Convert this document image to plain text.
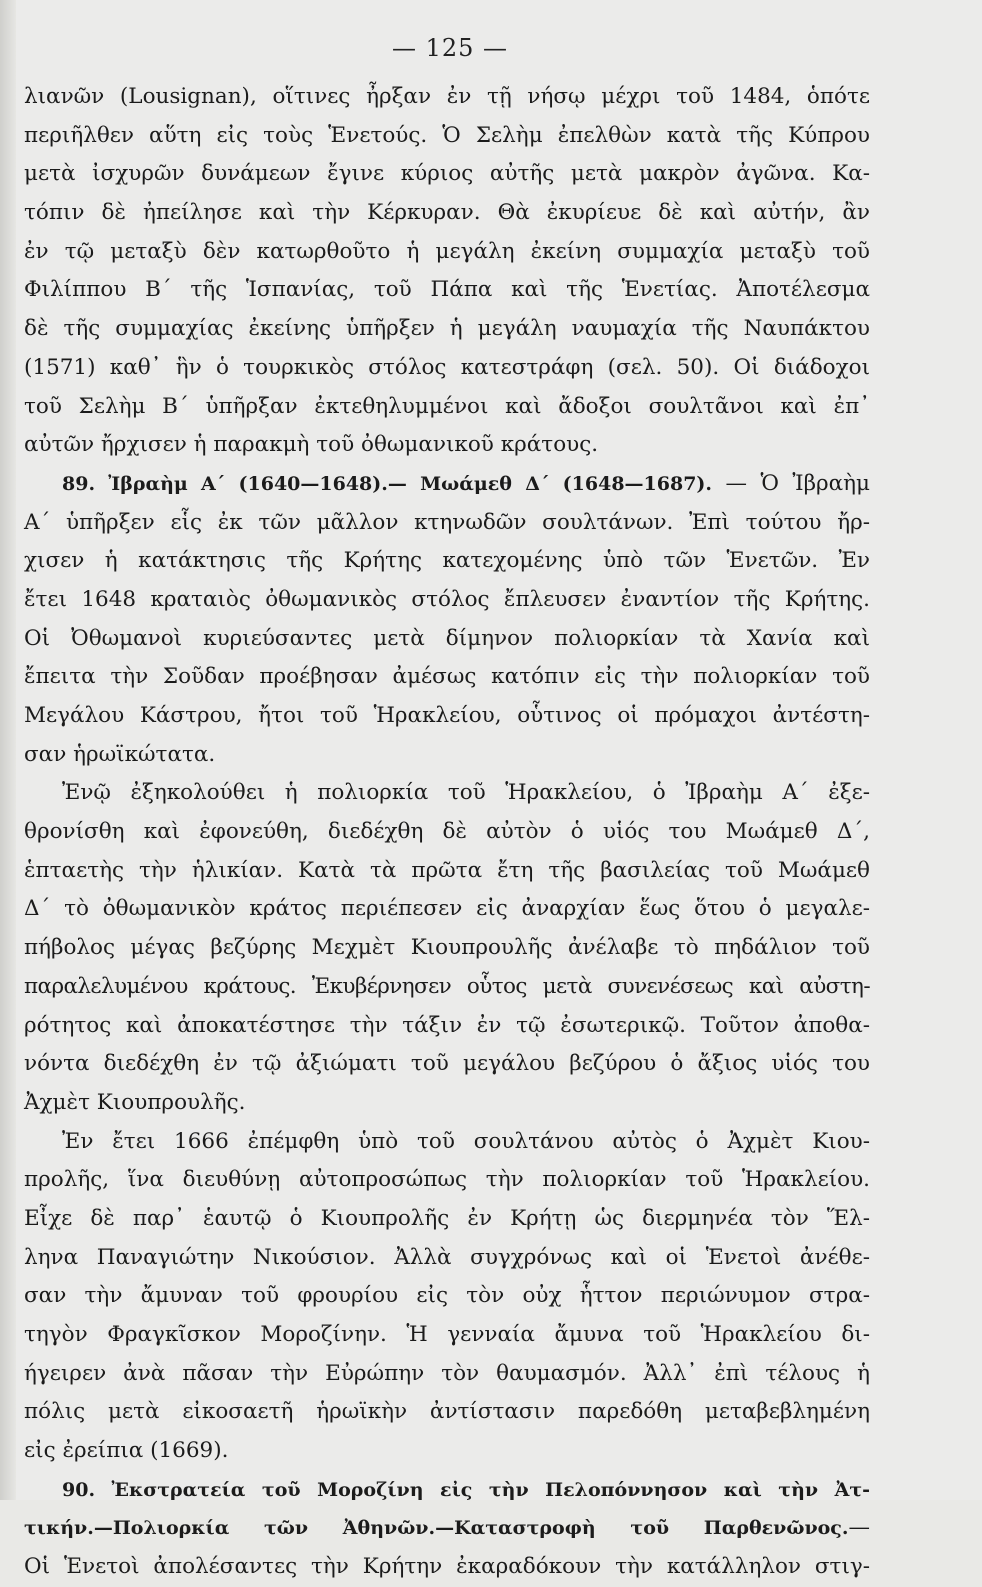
— 125 —
λιανῶν (Lousignan), οἵτινες ἦρξαν ἐν τῇ νήσῳ μέχρι τοῦ 1484, ὁπότε
περιῆλθεν αὕτη εἰς τοὺς Ἑνετούς. Ὁ Σελὴμ ἐπελθὼν κατὰ τῆς Κύπρου
μετὰ ἰσχυρῶν δυνάμεων ἔγινε κύριος αὐτῆς μετὰ μακρὸν ἀγῶνα. Κα-
τόπιν δὲ ἠπείλησε καὶ τὴν Κέρκυραν. Θὰ ἐκυρίευε δὲ καὶ αὐτήν, ἂν
ἐν τῷ μεταξὺ δὲν κατωρθοῦτο ἡ μεγάλη ἐκείνη συμμαχία μεταξὺ τοῦ
Φιλίππου Β΄ τῆς Ἱσπανίας, τοῦ Πάπα καὶ τῆς Ἑνετίας. Ἀποτέλεσμα
δὲ τῆς συμμαχίας ἐκείνης ὑπῆρξεν ἡ μεγάλη ναυμαχία τῆς Ναυπάκτου
(1571) καθ᾽ ἣν ὁ τουρκικὸς στόλος κατεστράφη (σελ. 50). Οἱ διάδοχοι
τοῦ Σελὴμ Β΄ ὑπῆρξαν ἐκτεθηλυμμένοι καὶ ἄδοξοι σουλτᾶνοι καὶ ἐπ᾽
αὐτῶν ἤρχισεν ἡ παρακμὴ τοῦ ὀθωμανικοῦ κράτους.
89. Ἰβραὴμ Α΄ (1640—1648).— Μωάμεθ Δ΄ (1648—1687). — Ὁ Ἰβραὴμ
Α΄ ὑπῆρξεν εἷς ἐκ τῶν μᾶλλον κτηνωδῶν σουλτάνων. Ἐπὶ τούτου ἤρ-
χισεν ἡ κατάκτησις τῆς Κρήτης κατεχομένης ὑπὸ τῶν Ἑνετῶν. Ἐν
ἔτει 1648 κραταιὸς ὀθωμανικὸς στόλος ἔπλευσεν ἐναντίον τῆς Κρήτης.
Οἱ Ὀθωμανοὶ κυριεύσαντες μετὰ δίμηνον πολιορκίαν τὰ Χανία καὶ
ἔπειτα τὴν Σοῦδαν προέβησαν ἀμέσως κατόπιν εἰς τὴν πολιορκίαν τοῦ
Μεγάλου Κάστρου, ἤτοι τοῦ Ἡρακλείου, οὗτινος οἱ πρόμαχοι ἀντέστη-
σαν ἡρωϊκώτατα.
Ἐνῷ ἐξηκολούθει ἡ πολιορκία τοῦ Ἡρακλείου, ὁ Ἰβραὴμ Α΄ ἐξε-
θρονίσθη καὶ ἐφονεύθη, διεδέχθη δὲ αὐτὸν ὁ υἱός του Μωάμεθ Δ΄,
ἑπταετὴς τὴν ἡλικίαν. Κατὰ τὰ πρῶτα ἔτη τῆς βασιλείας τοῦ Μωάμεθ
Δ΄ τὸ ὀθωμανικὸν κράτος περιέπεσεν εἰς ἀναρχίαν ἕως ὅτου ὁ μεγαλε-
πήβολος μέγας βεζύρης Μεχμὲτ Κιουπρουλῆς ἀνέλαβε τὸ πηδάλιον τοῦ
παραλελυμένου κράτους. Ἐκυβέρνησεν οὗτος μετὰ συνενέσεως καὶ αὐστη-
ρότητος καὶ ἀποκατέστησε τὴν τάξιν ἐν τῷ ἐσωτερικῷ. Τοῦτον ἀποθα-
νόντα διεδέχθη ἐν τῷ ἀξιώματι τοῦ μεγάλου βεζύρου ὁ ἄξιος υἱός του
Ἀχμὲτ Κιουπρουλῆς.
Ἐν ἔτει 1666 ἐπέμφθη ὑπὸ τοῦ σουλτάνου αὐτὸς ὁ Ἀχμὲτ Κιου-
προλῆς, ἵνα διευθύνῃ αὐτοπροσώπως τὴν πολιορκίαν τοῦ Ἡρακλείου.
Εἶχε δὲ παρ᾽ ἑαυτῷ ὁ Κιουπρολῆς ἐν Κρήτῃ ὡς διερμηνέα τὸν Ἕλ-
ληνα Παναγιώτην Νικούσιον. Ἀλλὰ συγχρόνως καὶ οἱ Ἑνετοὶ ἀνέθε-
σαν τὴν ἄμυναν τοῦ φρουρίου εἰς τὸν οὐχ ἧττον περιώνυμον στρα-
τηγὸν Φραγκῖσκον Μοροζίνην. Ἡ γενναία ἄμυνα τοῦ Ἡρακλείου δι-
ήγειρεν ἀνὰ πᾶσαν τὴν Εὐρώπην τὸν θαυμασμόν. Ἀλλ᾽ ἐπὶ τέλους ἡ
πόλις μετὰ εἰκοσαετῆ ἡρωϊκὴν ἀντίστασιν παρεδόθη μεταβεβλημένη
εἰς ἐρείπια (1669).
90. Ἐκστρατεία τοῦ Μοροζίνη εἰς τὴν Πελοπόννησον καὶ τὴν Ἀτ-
τικήν.—Πολιορκία τῶν Ἀθηνῶν.—Καταστροφὴ τοῦ Παρθενῶνος.—
Οἱ Ἑνετοὶ ἀπολέσαντες τὴν Κρήτην ἐκαραδόκουν τὴν κατάλληλον στιγ-
